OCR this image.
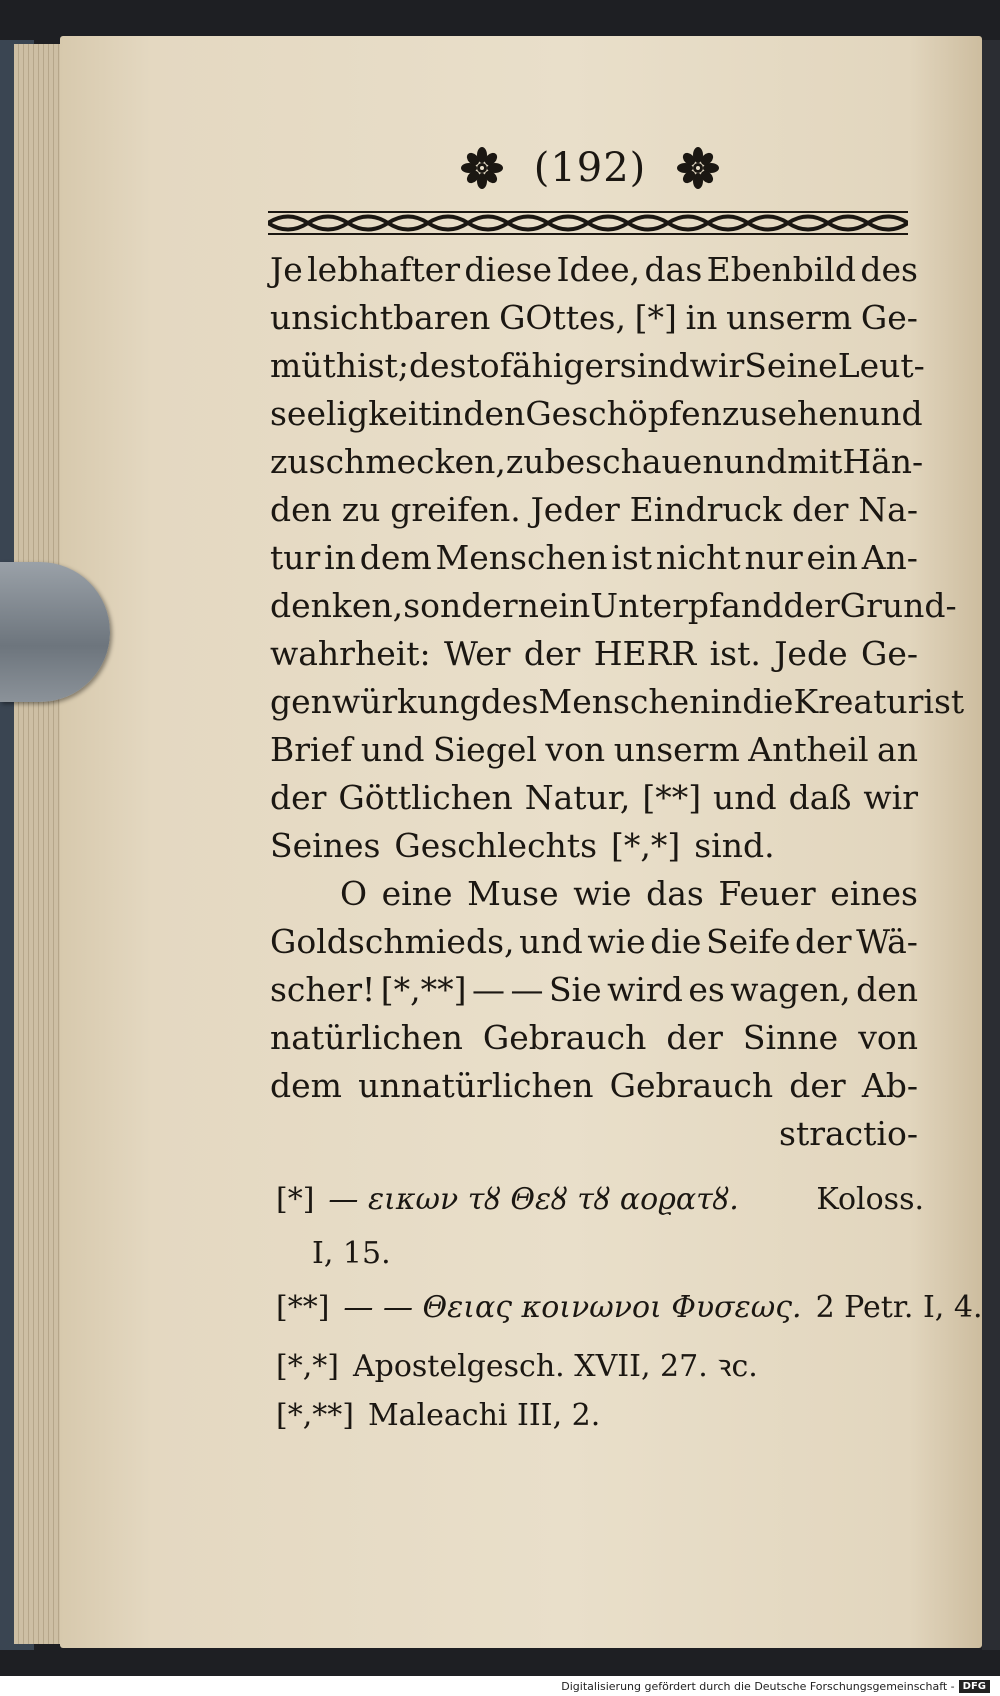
(192)
Je lebhafter diese Idee, das Ebenbild des
unsichtbaren GOttes, [*] in unserm Ge-
müth ist; desto fähiger sind wir Seine Leut-
seeligkeit in den Geschöpfen zu sehen und
zu schmecken, zu beschauen und mit Hän-
den zu greifen. Jeder Eindruck der Na-
tur in dem Menschen ist nicht nur ein An-
denken, sondern ein Unterpfand der Grund-
wahrheit: Wer der HERR ist. Jede Ge-
genwürkung des Menschen in die Kreatur ist
Brief und Siegel von unserm Antheil an
der Göttlichen Natur, [**] und daß wir
Seines Geschlechts [*,*] sind.
O eine Muse wie das Feuer eines
Goldschmieds, und wie die Seife der Wä-
scher! [*,**] — — Sie wird es wagen, den
natürlichen Gebrauch der Sinne von
dem unnatürlichen Gebrauch der Ab-
stractio-
[*] — εικων τȣ Θεȣ τȣ αοϱατȣ.	Koloss.
I, 15.
[**] — — Θειας κοινωνοι Φυσεως. 2 Petr. I, 4.
[*,*] Apostelgesch. XVII, 27. ꝛc.
[*,**] Maleachi III, 2.
Digitalisierung gefördert durch die Deutsche Forschungsgemeinschaft - DFG
